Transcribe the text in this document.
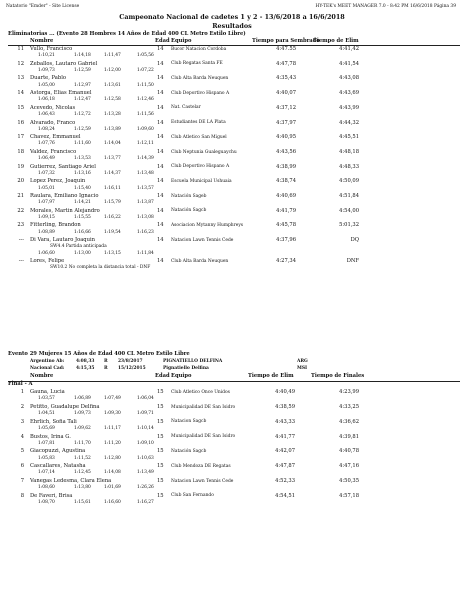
Natatorio "Emder" - Site License	HY-TEK's MEET MANAGER 7.0 - 8:42 PM 16/6/2018 Página 39
Campeonato Nacional de cadetes 1 y 2 - 13/6/2018 a 16/6/2018
Resultados
Eliminatorias ... (Evento 28 Hombres 14 Años de Edad 400 CL Metro Estilo Libre)
Nombre	Edad Equipo	Tiempo para Sembrado
Tiempo de Elim
11 Vullo, Francisco	14 Bucor Natacion Cordoba	4:47.55	4:41,42
1:10,21	1:14,18	1:11,47	1:05,56
12 Zeballos, Lautaro Gabriel	14 Club Regatas Santa FE	4:47,78	4:41,54
1:09,73	1:12,59	1:12,00	1:07,22
13 Duarte, Pablo	14 Club Alta Barda Neuquen	4:35,43	4:43,08
1:05,00	1:12,97	1:13,61	1:11,50
14 Astorga, Elias Emanuel	14 Club Deportivo Hispano A	4:40,07	4:43,69
1:06,18	1:12,47	1:12,58	1:12,46
15 Acevedo, Nicolas	14 Nat. Castelar	4:37,12	4:43,99
1:06,43	1:12,72	1:13,28	1:11,56
16 Alvarado, Franco	14 Estudiantes DE LA Plata	4:37,97	4:44,32
1:08,24	1:12,59	1:13,89	1:09,60
17 Chavez, Emmanuel	14 Club Atletico San Miguel	4:40,95	4:45,51
1:07,76	1:11,60	1:14,04	1:12,11
18 Valdez, Francisco	14 Club Neptunia Gualeguaychu	4:43,56	4:48,18
1:06,49	1:13,53	1:13,77	1:14,39
19 Gutierrez, Santiago Ariel	14 Club Deportivo Hispano A	4:38,99	4:48,33
1:07,32	1:13,16	1:14,37	1:13,48
20 Lopez Perez, Joaquin	14 Escuela Municipal Ushuaia	4:38,74	4:50,09
1:05,01	1:15,40	1:16,11	1:13,57
21 Raulara, Emiliano Ignacio	14 Natación Sageb	4:40,69	4:51,84
1:07,97	1:14,21	1:15,79	1:13,87
22 Morales, Martin Alejandro	14 Natación Sagcb	4:41,79	4:54,00
1:09,15	1:15,55	1:16,22	1:13,08
23 Fitterling, Brandon	14 Asociacion Mytanny Humphreys	4:45,78	5:01,32
1:08,89	1:16,66	1:19,54	1:16,23
--- Di Vara, Lautaro Joaquin	14 Natacion Lawn Tennis Cede	4:37,96	DQ
SW4.4 Partida anticipada
1:06,60	1:13,00	1:13,15	1:11,84
--- Lores, Felipe	14 Club Alta Barda Neuquen	4:27,34	DNF
SW10.2 No completa la distancia total - DNF
Evento 29 Mujeres 15 Años de Edad 400 CL Metro Estilo Libre
Argentino Ab:	4:08,33 R 23/8/2017	PIGNATIELLO DELFINA	ARG
Nacional Cad:	4:15,35 R 15/12/2015	Pignatiello Delfina	MSI
Nombre	Edad Equipo	Tiempo de Elim	Tiempo de Finales
Final - A
1 Gauna, Lucia	15 Club Atletico Once Unidos	4:40,49	4:23,99
1:03,57	1:06,89	1:07,49	1:06,04
2 Petitto, Guadalupe Delfina	15 Municipalidad DE San Isidro	4:38,59	4:33,25
1:04,51	1:09,73	1:09,30	1:09,71
3 Ehrlich, Sofia Tali	15 Natacion Sagcb	4:43,33	4:36,62
1:05,69	1:09,62	1:11,17	1:10,14
4 Bustos, Irina G.	15 Municipalidad DE San Isidro	4:41,77	4:39,81
1:07,81	1:11,70	1:11,20	1:09,10
5 Giacopuzzi, Agustina	15 Natación Sagcb	4:42,07	4:40,78
1:05,83	1:11,52	1:12,80	1:10,63
6 Cascallares, Natasha	15 Club Mendoza DE Regatas	4:47,87	4:47,16
1:07,14	1:12,45	1:14,08	1:13,49
7 Vanegas Ledesma, Clara Elena	15 Natacion Lawn Tennis Cede	4:52,33	4:50,35
1:08,60	1:13,80	1:01,69	1:26,26
8 De Faveri, Brisa	15 Club San Fernando	4:54,51	4:57,18
1:08,70	1:15,61	1:16,60	1:16,27
